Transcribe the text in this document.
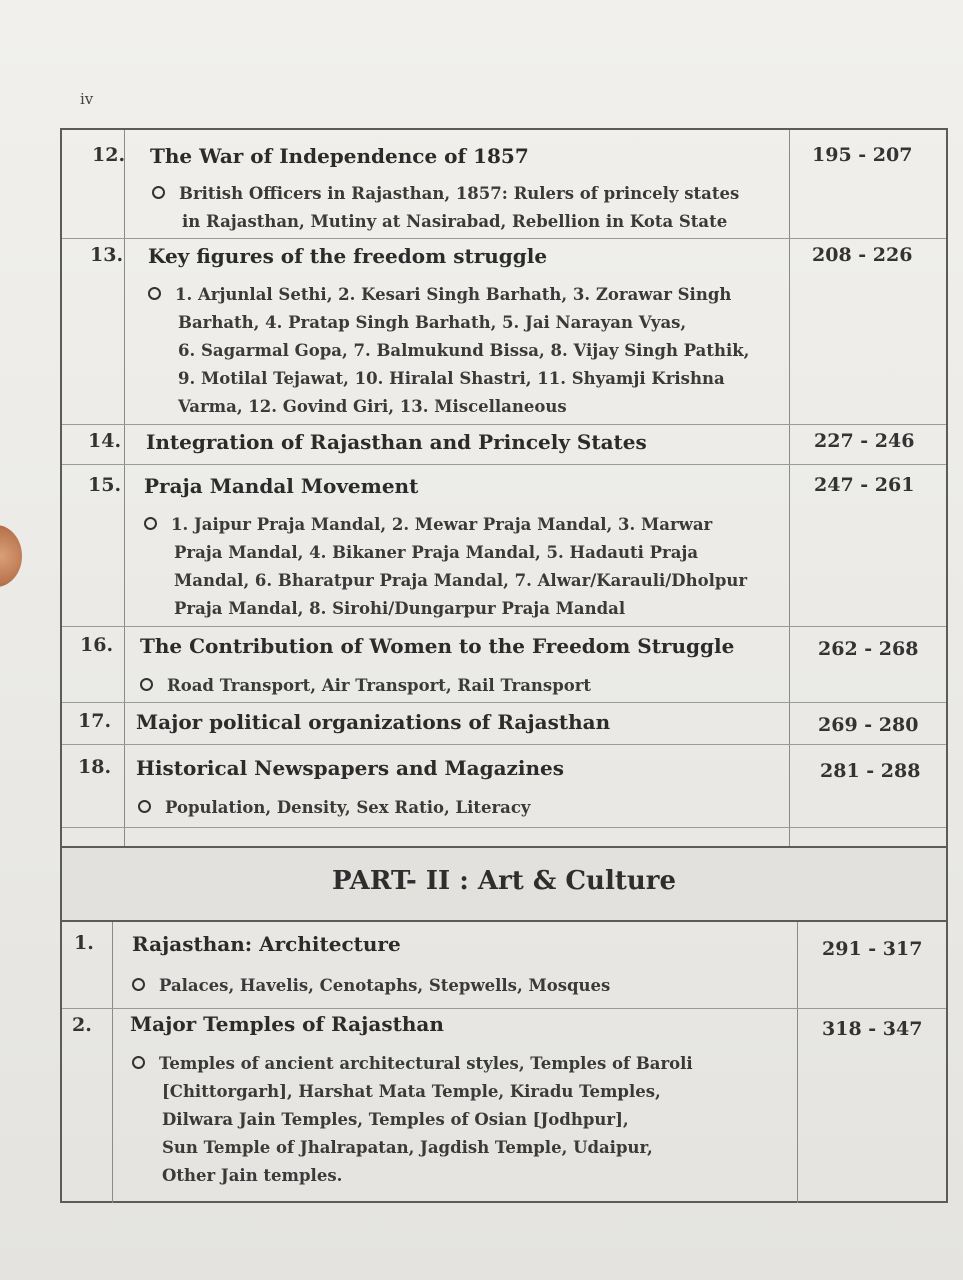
iv
12. The War of Independence of 1857	195 - 207
British Officers in Rajasthan, 1857: Rulers of princely states
in Rajasthan, Mutiny at Nasirabad, Rebellion in Kota State
13. Key figures of the freedom struggle	208 - 226
1. Arjunlal Sethi, 2. Kesari Singh Barhath, 3. Zorawar Singh
Barhath, 4. Pratap Singh Barhath, 5. Jai Narayan Vyas,
6. Sagarmal Gopa, 7. Balmukund Bissa, 8. Vijay Singh Pathik,
9. Motilal Tejawat, 10. Hiralal Shastri, 11. Shyamji Krishna
Varma, 12. Govind Giri, 13. Miscellaneous
14. Integration of Rajasthan and Princely States	227 - 246
15. Praja Mandal Movement	247 - 261
1. Jaipur Praja Mandal, 2. Mewar Praja Mandal, 3. Marwar
Praja Mandal, 4. Bikaner Praja Mandal, 5. Hadauti Praja
Mandal, 6. Bharatpur Praja Mandal, 7. Alwar/Karauli/Dholpur
Praja Mandal, 8. Sirohi/Dungarpur Praja Mandal
16. The Contribution of Women to the Freedom Struggle	262 - 268
Road Transport, Air Transport, Rail Transport
17. Major political organizations of Rajasthan	269 - 280
18. Historical Newspapers and Magazines	281 - 288
Population, Density, Sex Ratio, Literacy
PART- II : Art & Culture
1. Rajasthan: Architecture	291 - 317
Palaces, Havelis, Cenotaphs, Stepwells, Mosques
2. Major Temples of Rajasthan	318 - 347
Temples of ancient architectural styles, Temples of Baroli
[Chittorgarh], Harshat Mata Temple, Kiradu Temples,
Dilwara Jain Temples, Temples of Osian [Jodhpur],
Sun Temple of Jhalrapatan, Jagdish Temple, Udaipur,
Other Jain temples.
